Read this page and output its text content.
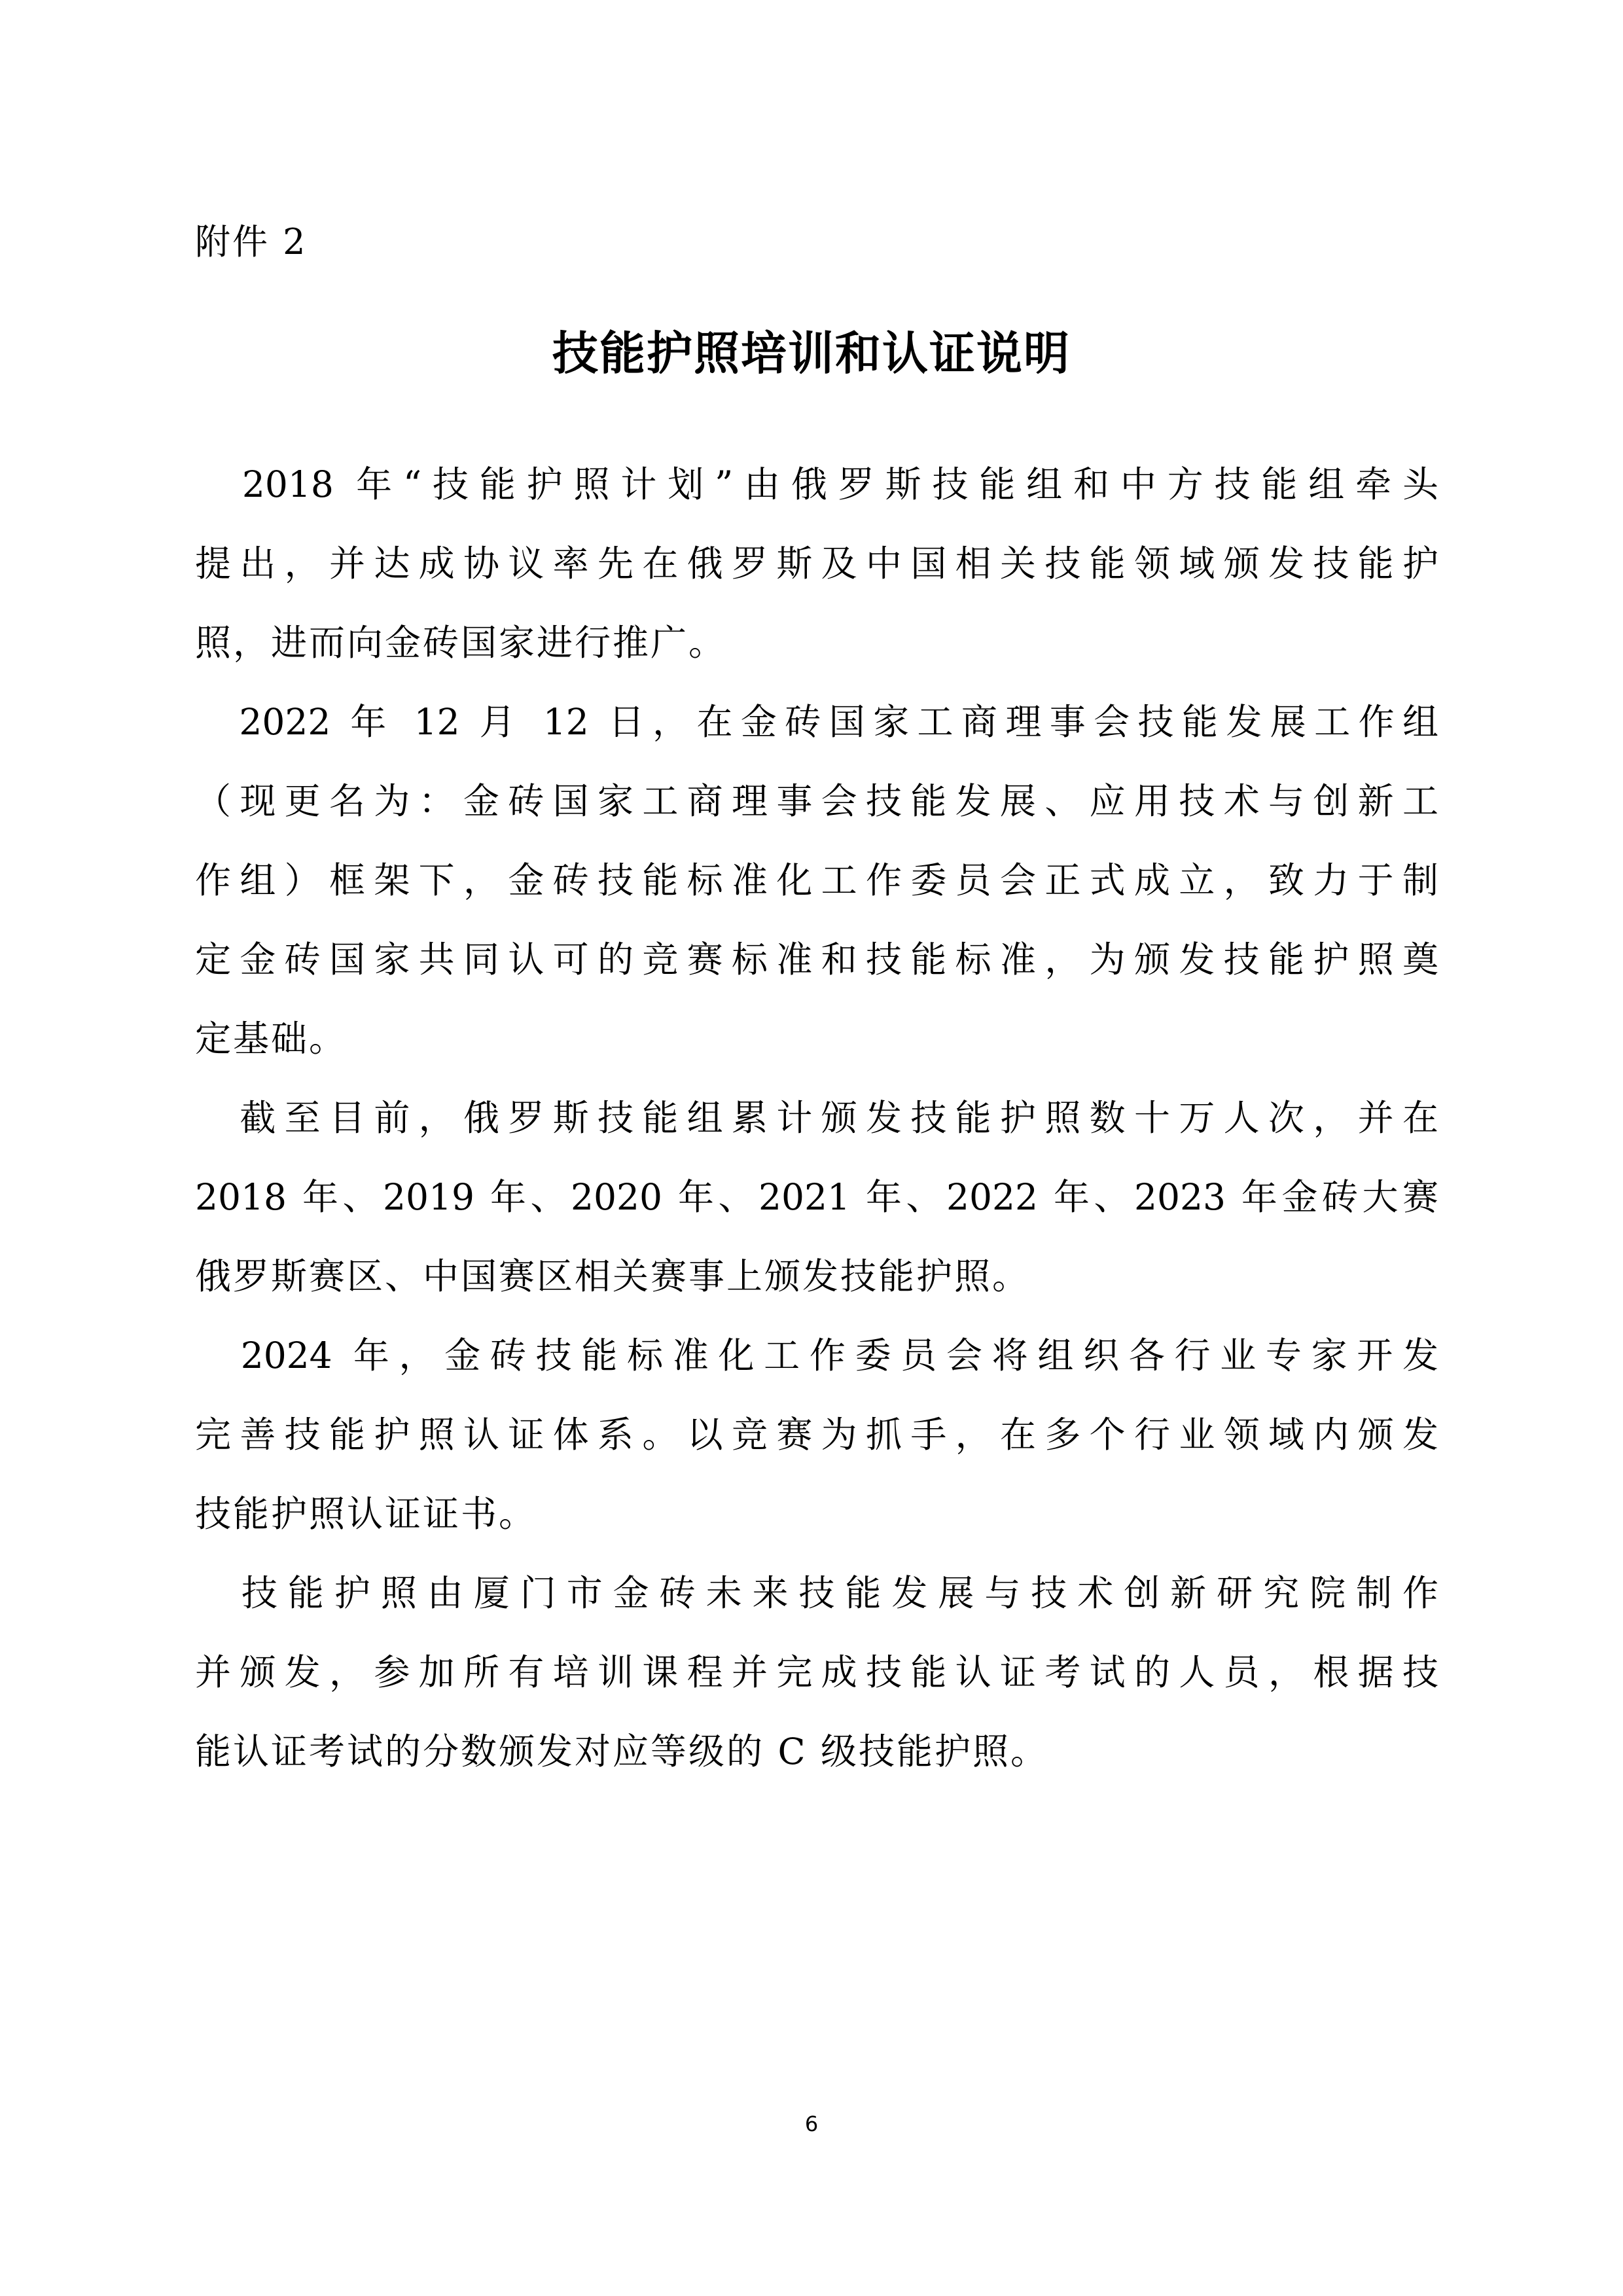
附件 2
技能护照培训和认证说明

　2018 年“技能护照计划”由俄罗斯技能组和中方技能组牵头
提出，并达成协议率先在俄罗斯及中国相关技能领域颁发技能护
照，进而向金砖国家进行推广。

　2022 年 12 月 12 日，在金砖国家工商理事会技能发展工作组
（现更名为：金砖国家工商理事会技能发展、应用技术与创新工
作组）框架下，金砖技能标准化工作委员会正式成立，致力于制
定金砖国家共同认可的竞赛标准和技能标准，为颁发技能护照奠
定基础。

　截至目前，俄罗斯技能组累计颁发技能护照数十万人次，并在
2018 年、2019 年、2020 年、2021 年、2022 年、2023 年金砖大赛
俄罗斯赛区、中国赛区相关赛事上颁发技能护照。

　2024 年，金砖技能标准化工作委员会将组织各行业专家开发
完善技能护照认证体系。以竞赛为抓手，在多个行业领域内颁发
技能护照认证证书。

　技能护照由厦门市金砖未来技能发展与技术创新研究院制作
并颁发，参加所有培训课程并完成技能认证考试的人员，根据技
能认证考试的分数颁发对应等级的 C 级技能护照。

6
